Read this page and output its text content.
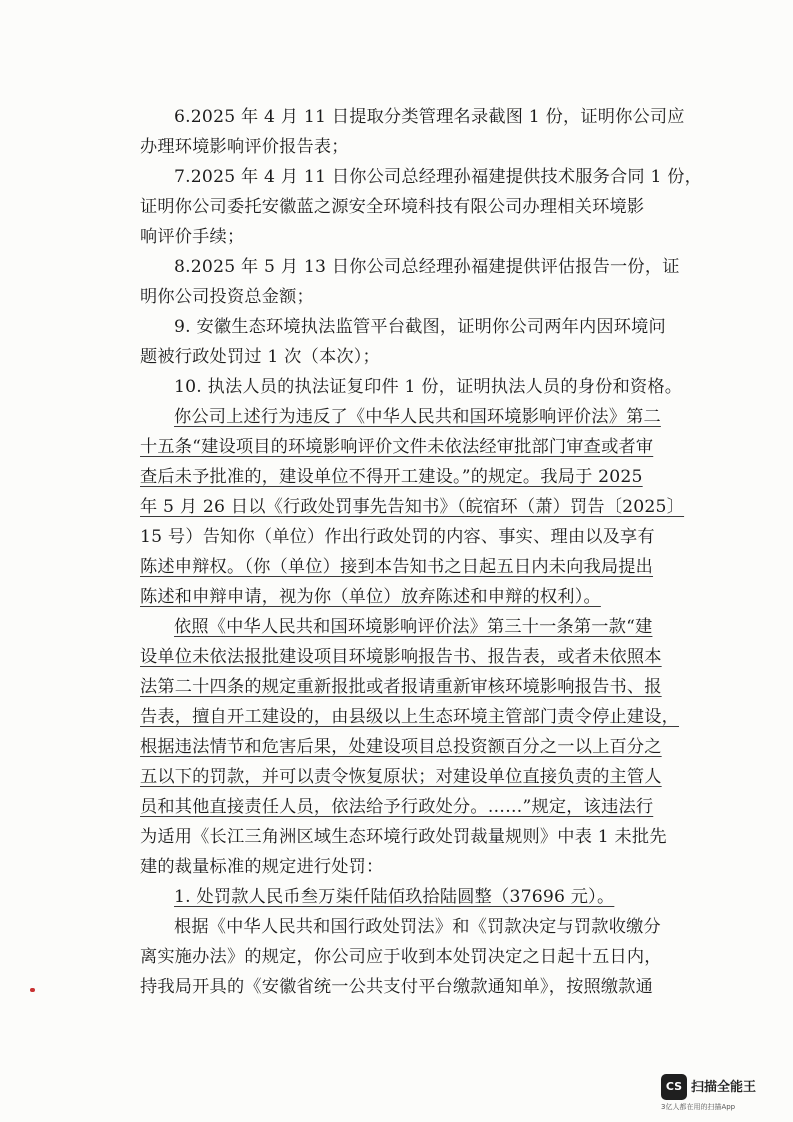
6.2025 年 4 月 11 日提取分类管理名录截图 1 份，证明你公司应
办理环境影响评价报告表；
7.2025 年 4 月 11 日你公司总经理孙福建提供技术服务合同 1 份，
证明你公司委托安徽蓝之源安全环境科技有限公司办理相关环境影
响评价手续；
8.2025 年 5 月 13 日你公司总经理孙福建提供评估报告一份，证
明你公司投资总金额；
9. 安徽生态环境执法监管平台截图，证明你公司两年内因环境问
题被行政处罚过 1 次（本次）；
10. 执法人员的执法证复印件 1 份，证明执法人员的身份和资格。
你公司上述行为违反了《中华人民共和国环境影响评价法》第二
十五条“建设项目的环境影响评价文件未依法经审批部门审查或者审
查后未予批准的，建设单位不得开工建设。”的规定。我局于 2025
年 5 月 26 日以《行政处罚事先告知书》（皖宿环（萧）罚告〔2025〕
15 号）告知你（单位）作出行政处罚的内容、事实、理由以及享有
陈述申辩权。（你（单位）接到本告知书之日起五日内未向我局提出
陈述和申辩申请，视为你（单位）放弃陈述和申辩的权利）。
依照《中华人民共和国环境影响评价法》第三十一条第一款“建
设单位未依法报批建设项目环境影响报告书、报告表，或者未依照本
法第二十四条的规定重新报批或者报请重新审核环境影响报告书、报
告表，擅自开工建设的，由县级以上生态环境主管部门责令停止建设，
根据违法情节和危害后果，处建设项目总投资额百分之一以上百分之
五以下的罚款，并可以责令恢复原状；对建设单位直接负责的主管人
员和其他直接责任人员，依法给予行政处分。……”规定，该违法行
为适用《长江三角洲区域生态环境行政处罚裁量规则》中表 1 未批先
建的裁量标准的规定进行处罚：
1. 处罚款人民币叁万柒仟陆佰玖拾陆圆整（37696 元）。
根据《中华人民共和国行政处罚法》和《罚款决定与罚款收缴分
离实施办法》的规定，你公司应于收到本处罚决定之日起十五日内，
持我局开具的《安徽省统一公共支付平台缴款通知单》，按照缴款通
CS 扫描全能王
3亿人都在用的扫描App
